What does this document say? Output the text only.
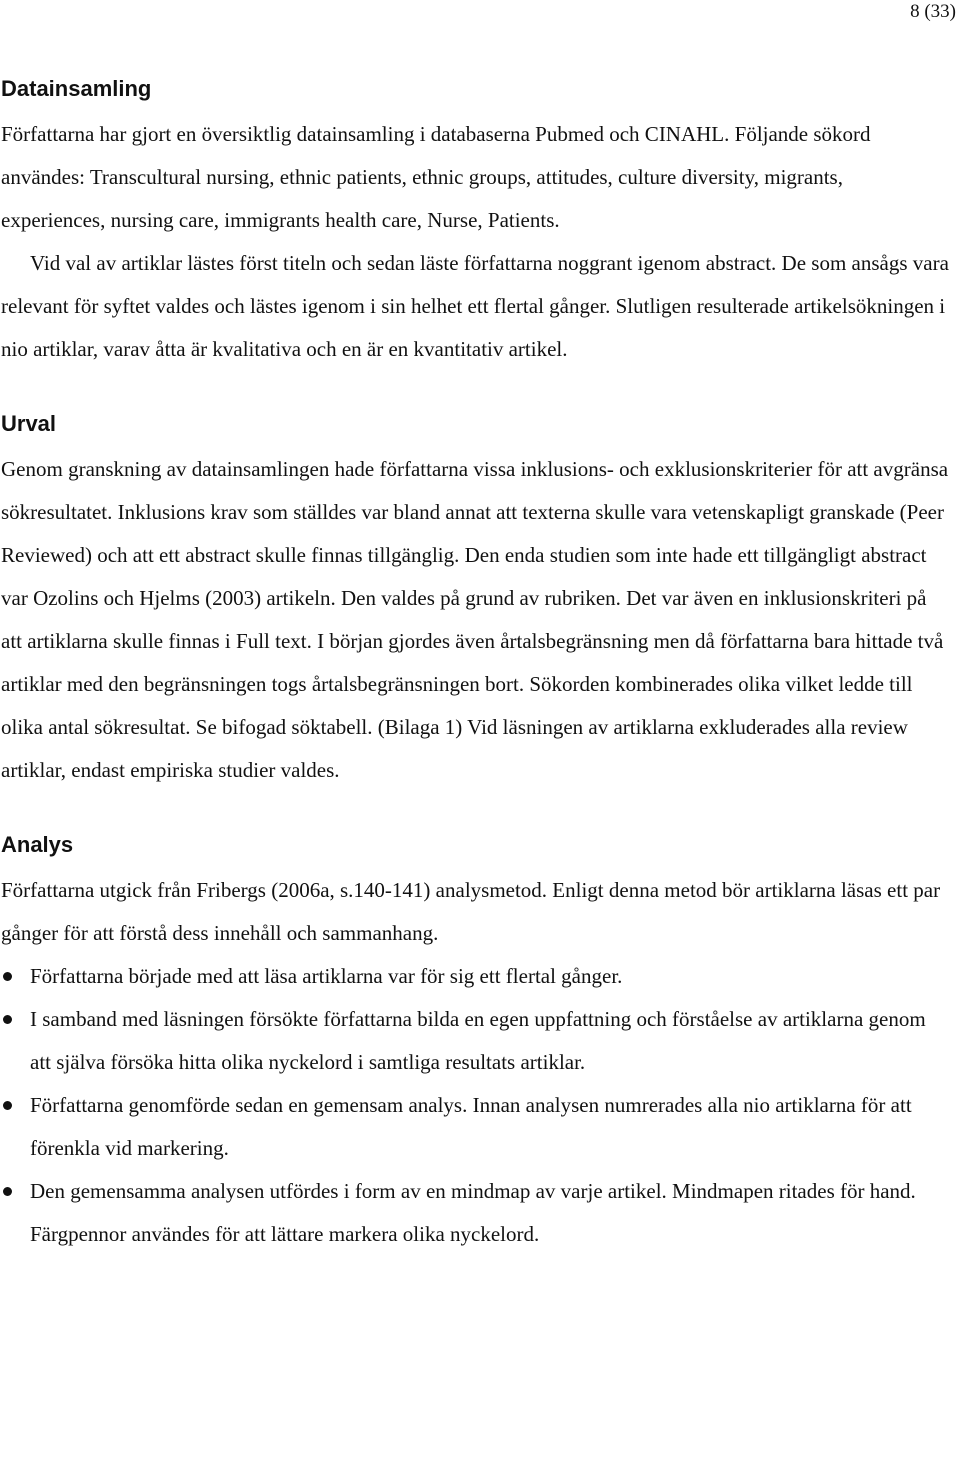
8 (33)
Datainsamling

Författarna har gjort en översiktlig datainsamling i databaserna Pubmed och CINAHL. Följande sökord användes: Transcultural nursing, ethnic patients, ethnic groups, attitudes, culture diversity, migrants, experiences, nursing care, immigrants health care, Nurse, Patients.

Vid val av artiklar lästes först titeln och sedan läste författarna noggrant igenom abstract. De som ansågs vara relevant för syftet valdes och lästes igenom i sin helhet ett flertal gånger. Slutligen resulterade artikelsökningen i nio artiklar, varav åtta är kvalitativa och en är en kvantitativ artikel.

Urval

Genom granskning av datainsamlingen hade författarna vissa inklusions- och exklusionskriterier för att avgränsa sökresultatet. Inklusions krav som ställdes var bland annat att texterna skulle vara vetenskapligt granskade (Peer Reviewed) och att ett abstract skulle finnas tillgänglig. Den enda studien som inte hade ett tillgängligt abstract var Ozolins och Hjelms (2003) artikeln. Den valdes på grund av rubriken. Det var även en inklusionskriteri på att artiklarna skulle finnas i Full text. I början gjordes även årtalsbegränsning men då författarna bara hittade två artiklar med den begränsningen togs årtalsbegränsningen bort. Sökorden kombinerades olika vilket ledde till olika antal sökresultat. Se bifogad söktabell. (Bilaga 1) Vid läsningen av artiklarna exkluderades alla review artiklar, endast empiriska studier valdes.

Analys

Författarna utgick från Fribergs (2006a, s.140-141) analysmetod. Enligt denna metod bör artiklarna läsas ett par gånger för att förstå dess innehåll och sammanhang.

Författarna började med att läsa artiklarna var för sig ett flertal gånger.
I samband med läsningen försökte författarna bilda en egen uppfattning och förståelse av artiklarna genom att själva försöka hitta olika nyckelord i samtliga resultats artiklar.
Författarna genomförde sedan en gemensam analys. Innan analysen numrerades alla nio artiklarna för att förenkla vid markering.
Den gemensamma analysen utfördes i form av en mindmap av varje artikel. Mindmapen ritades för hand. Färgpennor användes för att lättare markera olika nyckelord.
